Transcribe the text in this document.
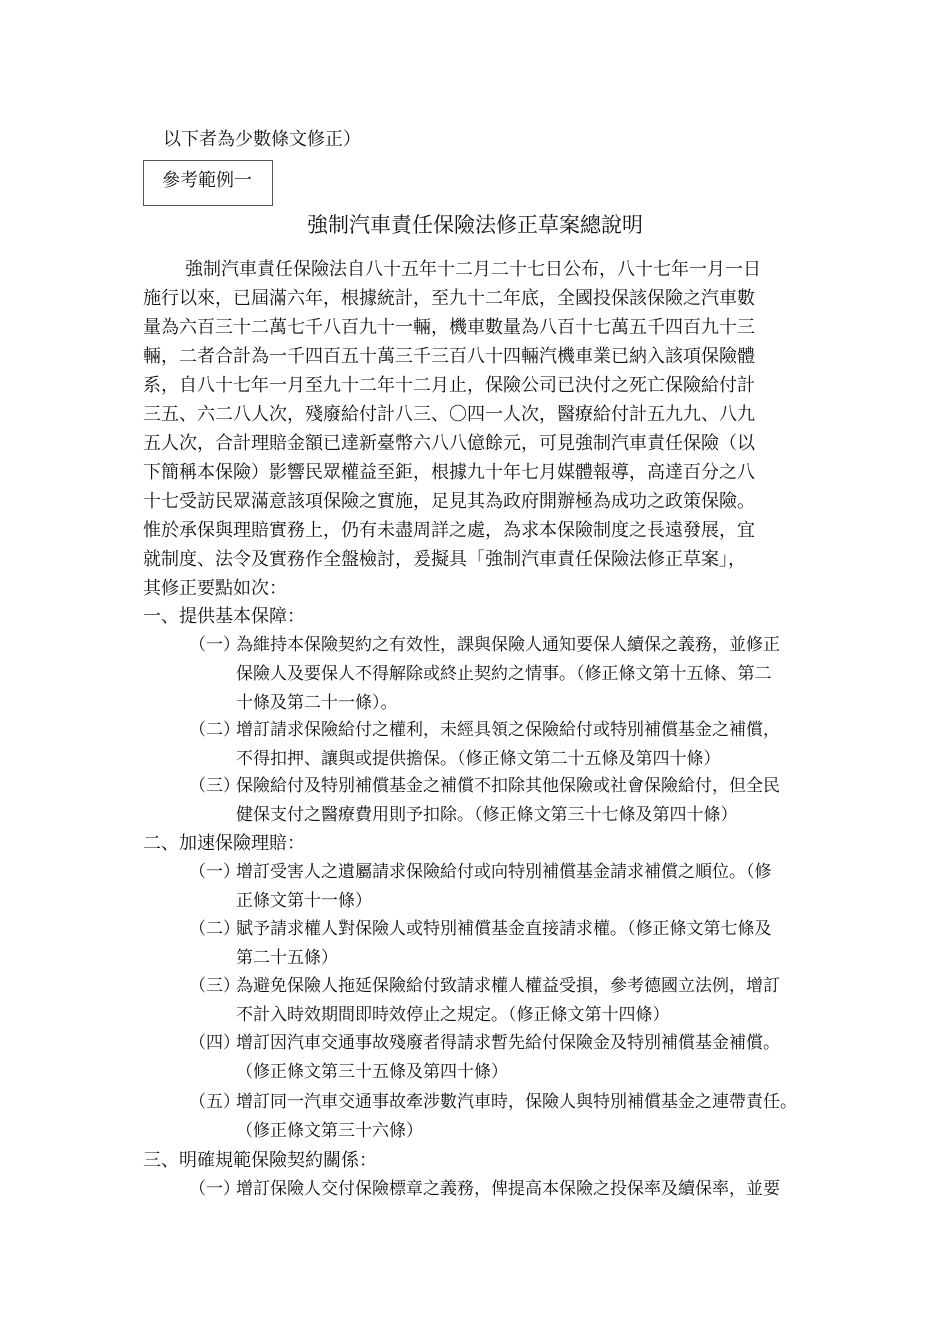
以下者為少數條文修正）
參考範例一
強制汽車責任保險法修正草案總說明
強制汽車責任保險法自八十五年十二月二十七日公布，八十七年一月一日
施行以來，已屆滿六年，根據統計，至九十二年底，全國投保該保險之汽車數
量為六百三十二萬七千八百九十一輛，機車數量為八百十七萬五千四百九十三
輛，二者合計為一千四百五十萬三千三百八十四輛汽機車業已納入該項保險體
系，自八十七年一月至九十二年十二月止，保險公司已決付之死亡保險給付計
三五、六二八人次，殘廢給付計八三、〇四一人次，醫療給付計五九九、八九
五人次，合計理賠金額已達新臺幣六八八億餘元，可見強制汽車責任保險（以
下簡稱本保險）影響民眾權益至鉅，根據九十年七月媒體報導，高達百分之八
十七受訪民眾滿意該項保險之實施，足見其為政府開辦極為成功之政策保險。
惟於承保與理賠實務上，仍有未盡周詳之處，為求本保險制度之長遠發展，宜
就制度、法令及實務作全盤檢討，爰擬具「強制汽車責任保險法修正草案」，
其修正要點如次：
一、提供基本保障：
（一）為維持本保險契約之有效性，課與保險人通知要保人續保之義務，並修正
保險人及要保人不得解除或終止契約之情事。（修正條文第十五條、第二
十條及第二十一條）。
（二）增訂請求保險給付之權利，未經具領之保險給付或特別補償基金之補償，
不得扣押、讓與或提供擔保。（修正條文第二十五條及第四十條）
（三）保險給付及特別補償基金之補償不扣除其他保險或社會保險給付，但全民
健保支付之醫療費用則予扣除。（修正條文第三十七條及第四十條）
二、加速保險理賠：
（一）增訂受害人之遺屬請求保險給付或向特別補償基金請求補償之順位。（修
正條文第十一條）
（二）賦予請求權人對保險人或特別補償基金直接請求權。（修正條文第七條及
第二十五條）
（三）為避免保險人拖延保險給付致請求權人權益受損，參考德國立法例，增訂
不計入時效期間即時效停止之規定。（修正條文第十四條）
（四）增訂因汽車交通事故殘廢者得請求暫先給付保險金及特別補償基金補償。
（修正條文第三十五條及第四十條）
（五）增訂同一汽車交通事故牽涉數汽車時，保險人與特別補償基金之連帶責任。
（修正條文第三十六條）
三、明確規範保險契約關係：
（一）增訂保險人交付保險標章之義務，俾提高本保險之投保率及續保率，並要
